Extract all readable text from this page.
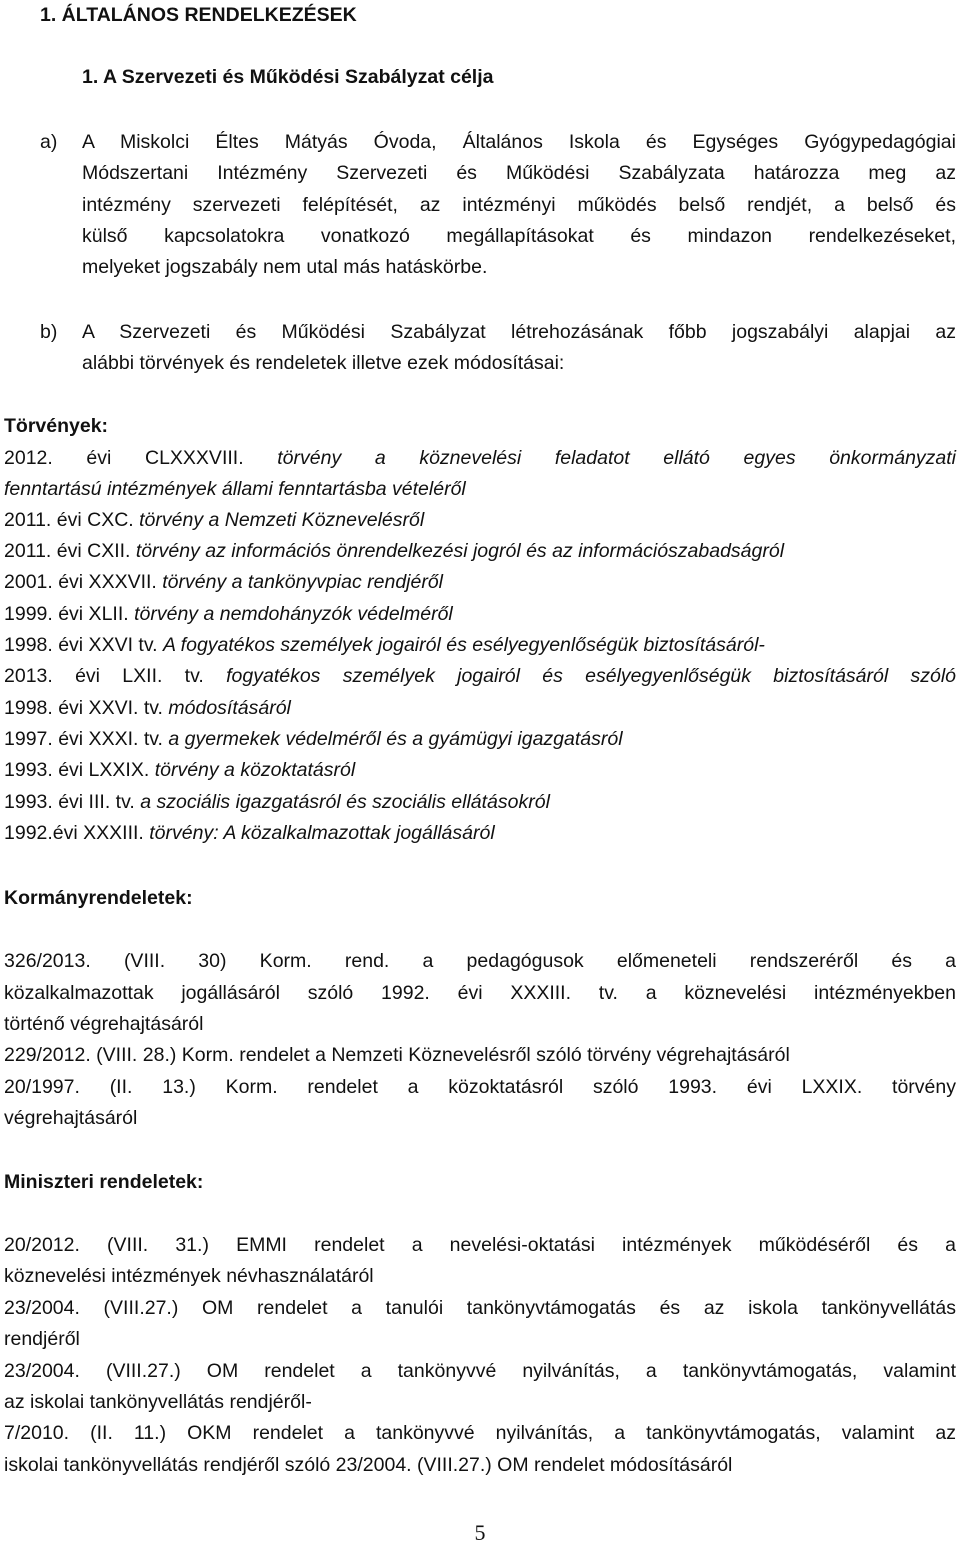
1. ÁLTALÁNOS RENDELKEZÉSEK
1. A Szervezeti és Működési Szabályzat célja
a) A Miskolci Éltes Mátyás Óvoda, Általános Iskola és Egységes Gyógypedagógiai
Módszertani Intézmény Szervezeti és Működési Szabályzata határozza meg az
intézmény szervezeti felépítését, az intézményi működés belső rendjét, a belső és
külső kapcsolatokra vonatkozó megállapításokat és mindazon rendelkezéseket,
melyeket jogszabály nem utal más hatáskörbe.
b) A Szervezeti és Működési Szabályzat létrehozásának főbb jogszabályi alapjai az
alábbi törvények és rendeletek illetve ezek módosításai:
Törvények:
2012. évi CLXXXVIII. törvény a köznevelési feladatot ellátó egyes önkormányzati
fenntartású intézmények állami fenntartásba vételéről
2011. évi CXC. törvény a Nemzeti Köznevelésről
2011. évi CXII. törvény az információs önrendelkezési jogról és az információszabadságról
2001. évi XXXVII. törvény a tankönyvpiac rendjéről
1999. évi XLII. törvény a nemdohányzók védelméről
1998. évi XXVI tv. A fogyatékos személyek jogairól és esélyegyenlőségük biztosításáról-
2013. évi LXII. tv. fogyatékos személyek jogairól és esélyegyenlőségük biztosításáról szóló
1998. évi XXVI. tv. módosításáról
1997. évi XXXI. tv. a gyermekek védelméről és a gyámügyi igazgatásról
1993. évi LXXIX. törvény a közoktatásról
1993. évi III. tv. a szociális igazgatásról és szociális ellátásokról
1992.évi XXXIII. törvény: A közalkalmazottak jogállásáról
Kormányrendeletek:
326/2013. (VIII. 30) Korm. rend. a pedagógusok előmeneteli rendszeréről és a
közalkalmazottak jogállásáról szóló 1992. évi XXXIII. tv. a köznevelési intézményekben
történő végrehajtásáról
229/2012. (VIII. 28.) Korm. rendelet a Nemzeti Köznevelésről szóló törvény végrehajtásáról
20/1997. (II. 13.) Korm. rendelet a közoktatásról szóló 1993. évi LXXIX. törvény
végrehajtásáról
Miniszteri rendeletek:
20/2012. (VIII. 31.) EMMI rendelet a nevelési-oktatási intézmények működéséről és a
köznevelési intézmények névhasználatáról
23/2004. (VIII.27.) OM rendelet a tanulói tankönyvtámogatás és az iskola tankönyvellátás
rendjéről
23/2004. (VIII.27.) OM rendelet a tankönyvvé nyilvánítás, a tankönyvtámogatás, valamint
az iskolai tankönyvellátás rendjéről-
7/2010. (II. 11.) OKM rendelet a tankönyvvé nyilvánítás, a tankönyvtámogatás, valamint az
iskolai tankönyvellátás rendjéről szóló 23/2004. (VIII.27.) OM rendelet módosításáról
5
